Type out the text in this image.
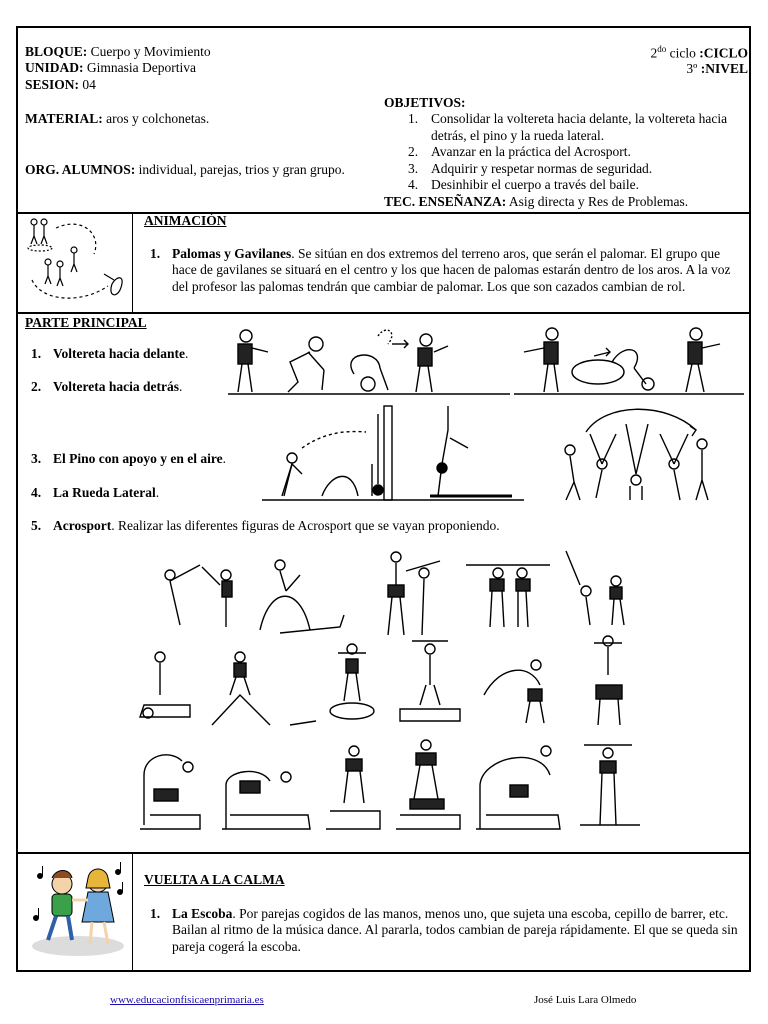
BLOQUE: Cuerpo y Movimiento
UNIDAD: Gimnasia Deportiva
SESION: 04
MATERIAL: aros y colchonetas.
ORG. ALUMNOS: individual, parejas, trios y gran grupo.
$2^{do}$ ciclo :CICLO
3º :NIVEL
OBJETIVOS:
1. Consolidar la voltereta hacia delante, la voltereta hacia detrás, el pino y la rueda lateral.
2. Avanzar en la práctica del Acrosport.
3. Adquirir y respetar normas de seguridad.
4. Desinhibir el cuerpo a través del baile.
TEC. ENSEÑANZA: Asig directa y Res de Problemas.
ANIMACIÓN
1. Palomas y Gavilanes. Se sitúan en dos extremos del terreno aros, que serán el palomar. El grupo que hace de gavilanes se situará en el centro y los que hacen de palomas estarán dentro de los aros. A la voz del profesor las palomas tendrán que cambiar de palomar. Los que son cazados cambian de rol.
PARTE PRINCIPAL
1. Voltereta hacia delante .
2. Voltereta hacia detrás .
3. El Pino con apoyo y en el aire .
4. La Rueda Lateral .
5. Acrosport . Realizar las diferentes figuras de Acrosport que se vayan proponiendo.
VUELTA A LA CALMA
1. La Escoba. Por parejas cogidos de las manos, menos uno, que sujeta una escoba, cepillo de barrer, etc. Bailan al ritmo de la música dance. Al pararla, todos cambian de pareja rápidamente. El que se queda sin pareja cogerá la escoba.
www.educacionfisicaenprimaria.es	José Luis Lara Olmedo
